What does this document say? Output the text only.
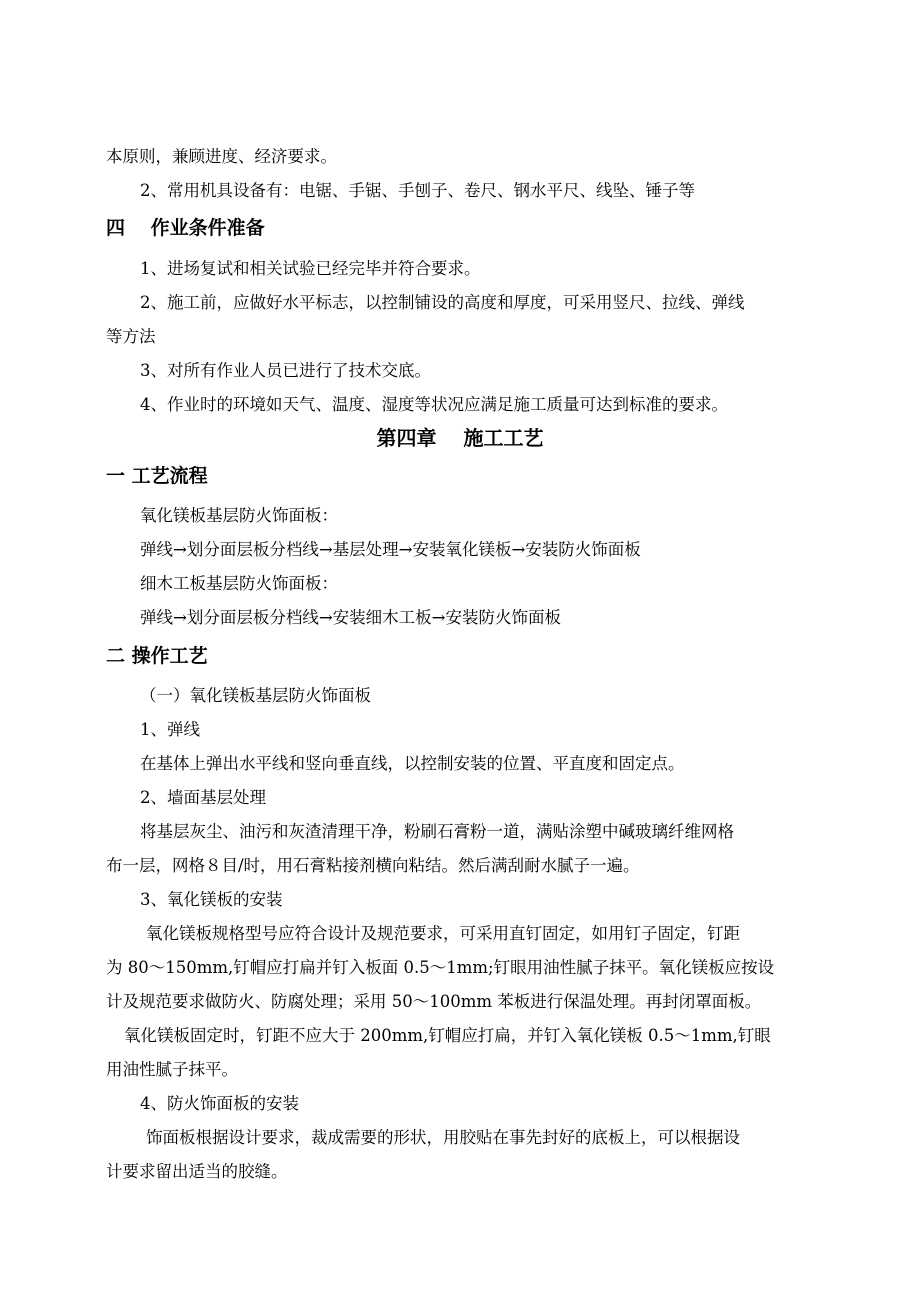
本原则，兼顾进度、经济要求。
2、常用机具设备有：电锯、手锯、手刨子、卷尺、钢水平尺、线坠、锤子等
四　 作业条件准备
1、进场复试和相关试验已经完毕并符合要求。
2、施工前，应做好水平标志，以控制铺设的高度和厚度，可采用竖尺、拉线、弹线
等方法
3、对所有作业人员已进行了技术交底。
4、作业时的环境如天气、温度、湿度等状况应满足施工质量可达到标准的要求。
第四章　 施工工艺
一 工艺流程
氧化镁板基层防火饰面板：
弹线→划分面层板分档线→基层处理→安装氧化镁板→安装防火饰面板
细木工板基层防火饰面板：
弹线→划分面层板分档线→安装细木工板→安装防火饰面板
二 操作工艺
（一）氧化镁板基层防火饰面板
1、弹线
在基体上弹出水平线和竖向垂直线，以控制安装的位置、平直度和固定点。
2、墙面基层处理
将基层灰尘、油污和灰渣清理干净，粉刷石膏粉一道，满贴涂塑中碱玻璃纤维网格
布一层，网格８目/时，用石膏粘接剂横向粘结。然后满刮耐水腻子一遍。
3、氧化镁板的安装
氧化镁板规格型号应符合设计及规范要求，可采用直钉固定，如用钉子固定，钉距
为 80～150mm,钉帽应打扁并钉入板面 0.5～1mm;钉眼用油性腻子抹平。氧化镁板应按设
计及规范要求做防火、防腐处理；采用 50～100mm 苯板进行保温处理。再封闭罩面板。
氧化镁板固定时，钉距不应大于 200mm,钉帽应打扁，并钉入氧化镁板 0.5～1mm,钉眼
用油性腻子抹平。
4、防火饰面板的安装
饰面板根据设计要求，裁成需要的形状，用胶贴在事先封好的底板上，可以根据设
计要求留出适当的胶缝。
